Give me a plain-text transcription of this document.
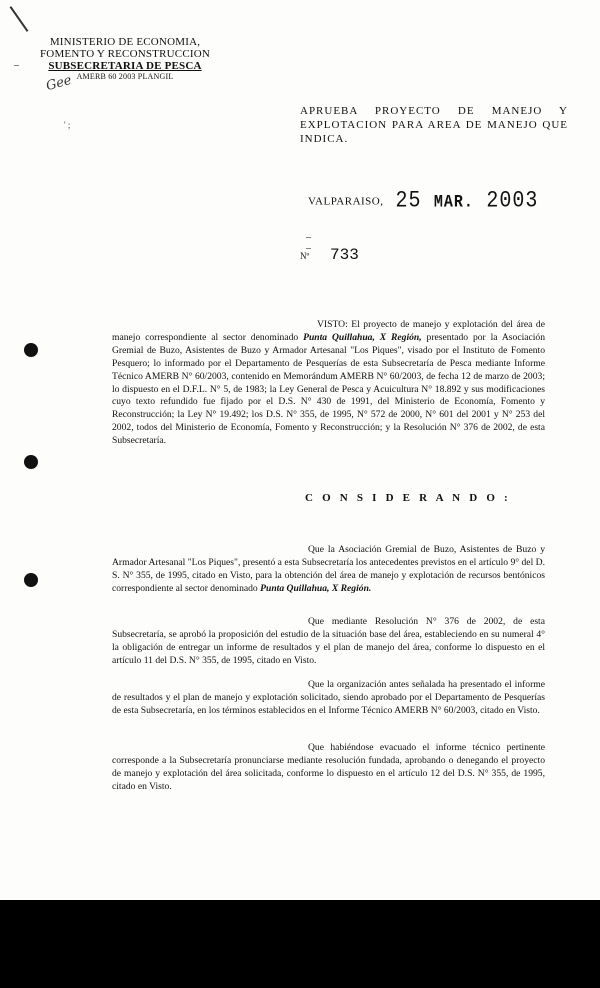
–
MINISTERIO DE ECONOMIA,
FOMENTO Y RECONSTRUCCION
SUBSECRETARIA DE PESCA
AMERB 60 2003 PLANGIL
Gee
' ;
APRUEBA PROYECTO DE MANEJO Y EXPLOTACION PARA AREA DE MANEJO QUE INDICA.
VALPARAISO, 25 MAR. 2003
– –
Nº 733
VISTO: El proyecto de manejo y explotación del área de manejo correspondiente al sector denominado Punta Quillahua, X Región, presentado por la Asociación Gremial de Buzo, Asistentes de Buzo y Armador Artesanal "Los Piques", visado por el Instituto de Fomento Pesquero; lo informado por el Departamento de Pesquerías de esta Subsecretaría de Pesca mediante Informe Técnico AMERB N° 60/2003, contenido en Memorándum AMERB N° 60/2003, de fecha 12 de marzo de 2003; lo dispuesto en el D.F.L. N° 5, de 1983; la Ley General de Pesca y Acuicultura N° 18.892 y sus modificaciones cuyo texto refundido fue fijado por el D.S. N° 430 de 1991, del Ministerio de Economía, Fomento y Reconstrucción; la Ley N° 19.492; los D.S. N° 355, de 1995, N° 572 de 2000, N° 601 del 2001 y N° 253 del 2002, todos del Ministerio de Economía, Fomento y Reconstrucción; y la Resolución N° 376 de 2002, de esta Subsecretaría.
C O N S I D E R A N D O :
Que la Asociación Gremial de Buzo, Asistentes de Buzo y Armador Artesanal "Los Piques", presentó a esta Subsecretaría los antecedentes previstos en el artículo 9° del D. S. N° 355, de 1995, citado en Visto, para la obtención del área de manejo y explotación de recursos bentónicos correspondiente al sector denominado Punta Quillahua, X Región.
Que mediante Resolución N° 376 de 2002, de esta Subsecretaría, se aprobó la proposición del estudio de la situación base del área, estableciendo en su numeral 4° la obligación de entregar un informe de resultados y el plan de manejo del área, conforme lo dispuesto en el artículo 11 del D.S. N° 355, de 1995, citado en Visto.
Que la organización antes señalada ha presentado el informe de resultados y el plan de manejo y explotación solicitado, siendo aprobado por el Departamento de Pesquerías de esta Subsecretaría, en los términos establecidos en el Informe Técnico AMERB N° 60/2003, citado en Visto.
Que habiéndose evacuado el informe técnico pertinente corresponde a la Subsecretaría pronunciarse mediante resolución fundada, aprobando o denegando el proyecto de manejo y explotación del área solicitada, conforme lo dispuesto en el artículo 12 del D.S. N° 355, de 1995, citado en Visto.
